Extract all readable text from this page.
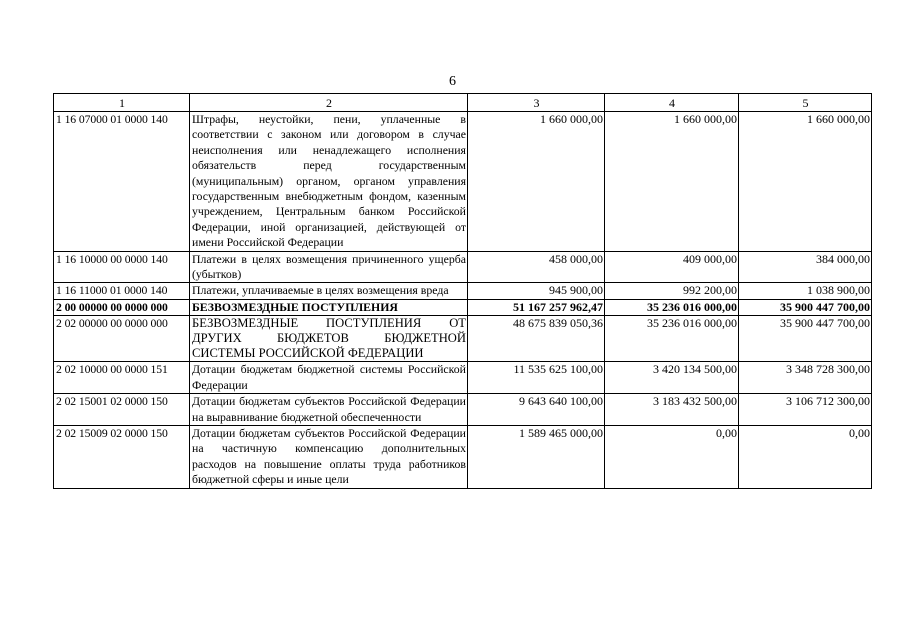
6
1	2	3	4	5
1 16 07000 01 0000 140	Штрафы, неустойки, пени, уплаченные в соответствии с законом или договором в случае неисполнения или ненадлежащего исполнения обязательств перед государственным (муниципальным) органом, органом управления государственным внебюджетным фондом, казенным учреждением, Центральным банком Российской Федерации, иной организацией, действующей от имени Российской Федерации	1 660 000,00	1 660 000,00	1 660 000,00
1 16 10000 00 0000 140	Платежи в целях возмещения причиненного ущерба (убытков)	458 000,00	409 000,00	384 000,00
1 16 11000 01 0000 140	Платежи, уплачиваемые в целях возмещения вреда	945 900,00	992 200,00	1 038 900,00
2 00 00000 00 0000 000	БЕЗВОЗМЕЗДНЫЕ ПОСТУПЛЕНИЯ	51 167 257 962,47	35 236 016 000,00	35 900 447 700,00
2 02 00000 00 0000 000	БЕЗВОЗМЕЗДНЫЕ ПОСТУПЛЕНИЯ ОТ ДРУГИХ БЮДЖЕТОВ БЮДЖЕТНОЙ СИСТЕМЫ РОССИЙСКОЙ ФЕДЕРАЦИИ	48 675 839 050,36	35 236 016 000,00	35 900 447 700,00
2 02 10000 00 0000 151	Дотации бюджетам бюджетной системы Российской Федерации	11 535 625 100,00	3 420 134 500,00	3 348 728 300,00
2 02 15001 02 0000 150	Дотации бюджетам субъектов Российской Федерации на выравнивание бюджетной обеспеченности	9 643 640 100,00	3 183 432 500,00	3 106 712 300,00
2 02 15009 02 0000 150	Дотации бюджетам субъектов Российской Федерации на частичную компенсацию дополнительных расходов на повышение оплаты труда работников бюджетной сферы и иные цели	1 589 465 000,00	0,00	0,00
